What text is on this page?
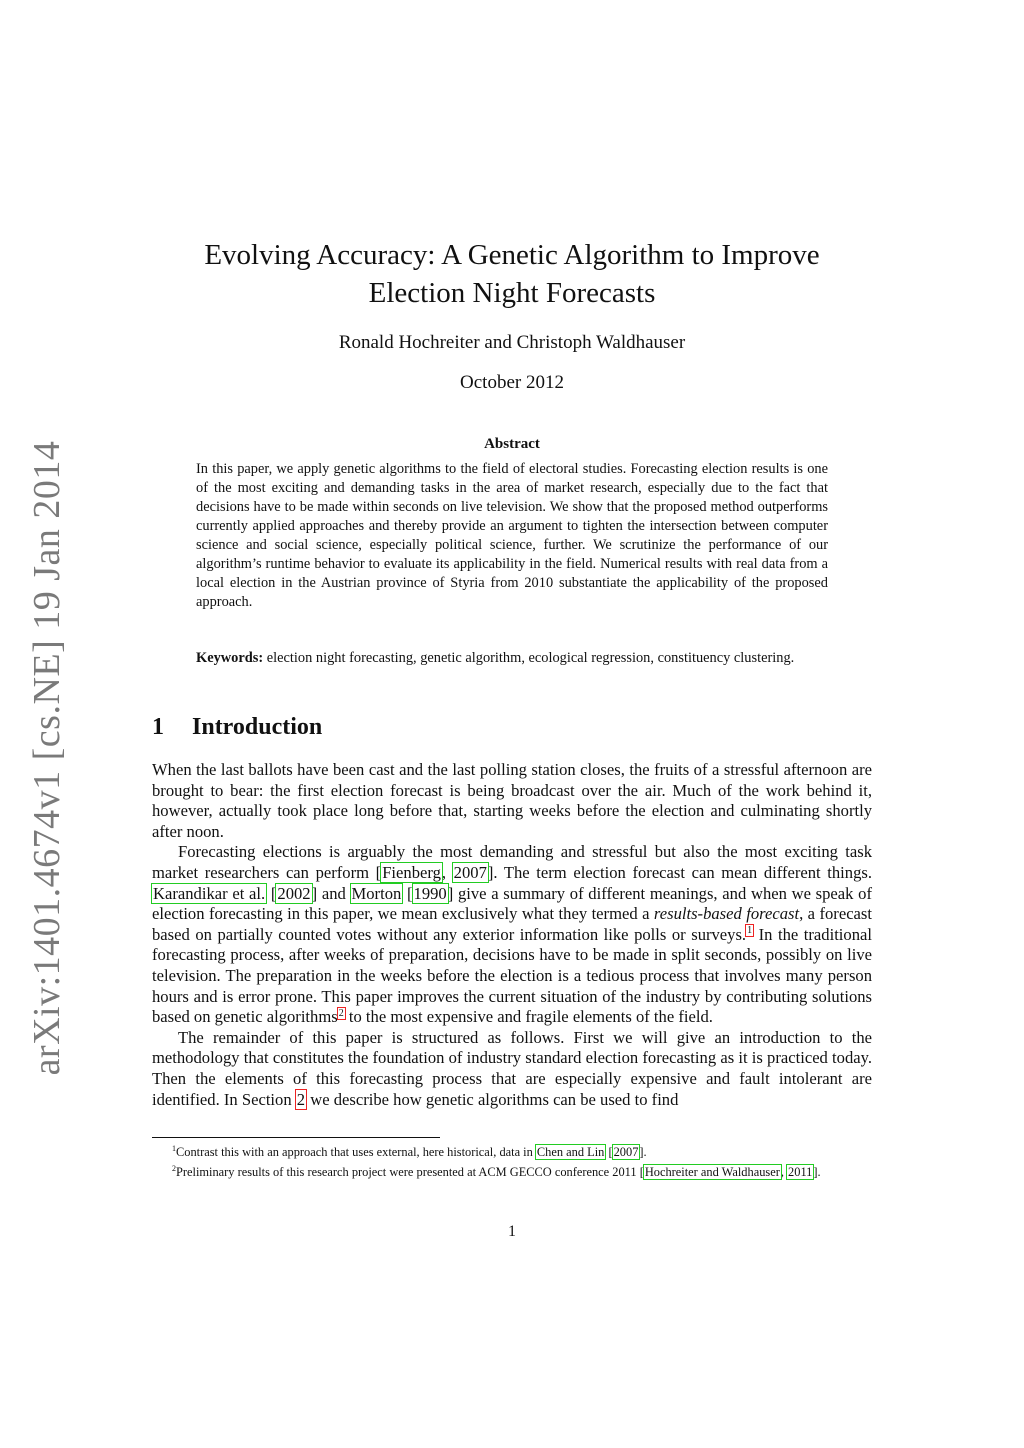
arXiv:1401.4674v1 [cs.NE] 19 Jan 2014
Evolving Accuracy: A Genetic Algorithm to Improve
Election Night Forecasts
Ronald Hochreiter and Christoph Waldhauser
October 2012
Abstract

In this paper, we apply genetic algorithms to the field of electoral studies. Forecasting election results is one of the most exciting and demanding tasks in the area of market research, especially due to the fact that decisions have to be made within seconds on live television. We show that the proposed method outperforms currently applied approaches and thereby provide an argument to tighten the intersection between computer science and social science, especially political science, further. We scrutinize the performance of our algorithm’s runtime behavior to evaluate its applicability in the field. Numerical results with real data from a local election in the Austrian province of Styria from 2010 substantiate the applicability of the proposed approach.

Keywords: election night forecasting, genetic algorithm, ecological regression, constituency clustering.

1 Introduction

When the last ballots have been cast and the last polling station closes, the fruits of a stressful afternoon are brought to bear: the first election forecast is being broadcast over the air. Much of the work behind it, however, actually took place long before that, starting weeks before the election and culminating shortly after noon.

Forecasting elections is arguably the most demanding and stressful but also the most exciting task market researchers can perform [Fienberg, 2007]. The term election forecast can mean different things. Karandikar et al. [2002] and Morton [1990] give a summary of different meanings, and when we speak of election forecasting in this paper, we mean exclusively what they termed a results-based forecast, a forecast based on partially counted votes without any exterior information like polls or surveys.$^1$ In the traditional forecasting process, after weeks of preparation, decisions have to be made in split seconds, possibly on live television. The preparation in the weeks before the election is a tedious process that involves many person hours and is error prone. This paper improves the current situation of the industry by contributing solutions based on genetic algorithms$^2$ to the most expensive and fragile elements of the field.

The remainder of this paper is structured as follows. First we will give an introduction to the methodology that constitutes the foundation of industry standard election forecasting as it is practiced today. Then the elements of this forecasting process that are especially expensive and fault intolerant are identified. In Section 2 we describe how genetic algorithms can be used to find

$^1$Contrast this with an approach that uses external, here historical, data in Chen and Lin [2007].

$^2$Preliminary results of this research project were presented at ACM GECCO conference 2011 [Hochreiter and Waldhauser, 2011].

1
